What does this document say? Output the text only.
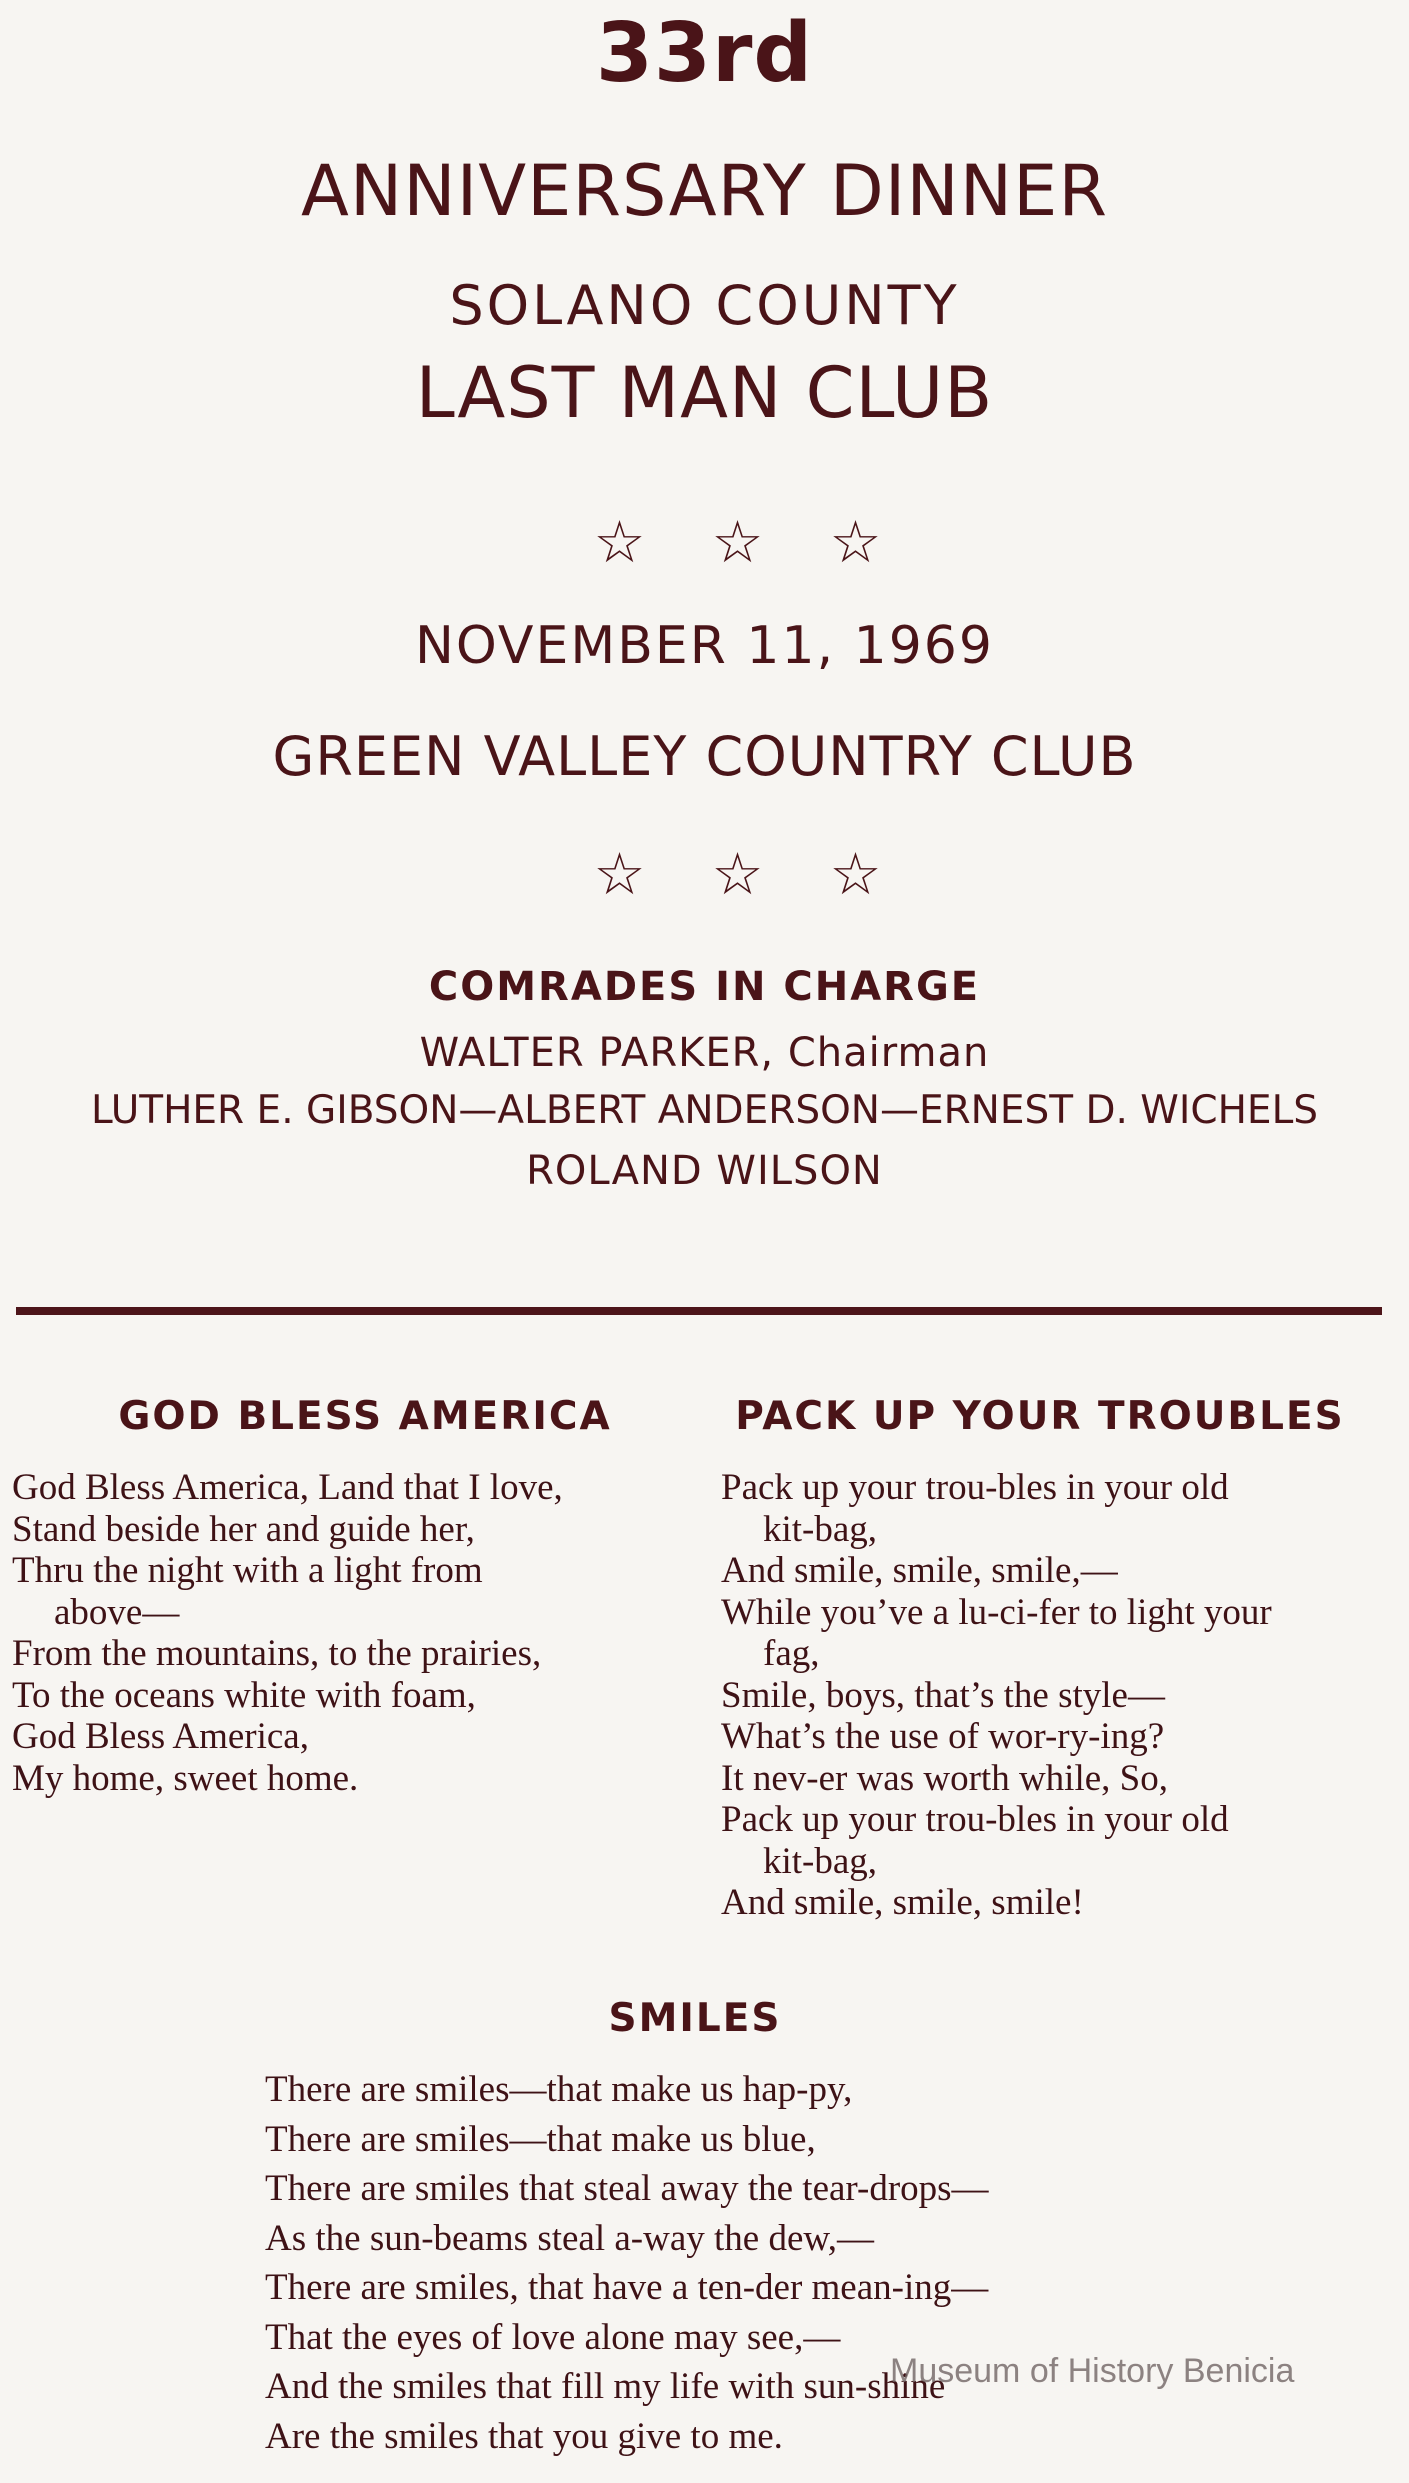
33rd
ANNIVERSARY DINNER
SOLANO COUNTY
LAST MAN CLUB
☆☆☆
NOVEMBER 11, 1969
GREEN VALLEY COUNTRY CLUB
☆☆☆
COMRADES IN CHARGE
WALTER PARKER, Chairman
LUTHER E. GIBSON—ALBERT ANDERSON—ERNEST D. WICHELS
ROLAND WILSON
GOD BLESS AMERICA	PACK UP YOUR TROUBLES
God Bless America, Land that I love,
Stand beside her and guide her,
Thru the night with a light from
above—
From the mountains, to the prairies,
To the oceans white with foam,
God Bless America,
My home, sweet home.
Pack up your trou-bles in your old
kit-bag,
And smile, smile, smile,—
While you’ve a lu-ci-fer to light your
fag,
Smile, boys, that’s the style—
What’s the use of wor-ry-ing?
It nev-er was worth while, So,
Pack up your trou-bles in your old
kit-bag,
And smile, smile, smile!
SMILES
There are smiles—that make us hap-py,
There are smiles—that make us blue,
There are smiles that steal away the tear-drops—
As the sun-beams steal a-way the dew,—
There are smiles, that have a ten-der mean-ing—
That the eyes of love alone may see,—
And the smiles that fill my life with sun-shine
Are the smiles that you give to me.
Museum of History Benicia
